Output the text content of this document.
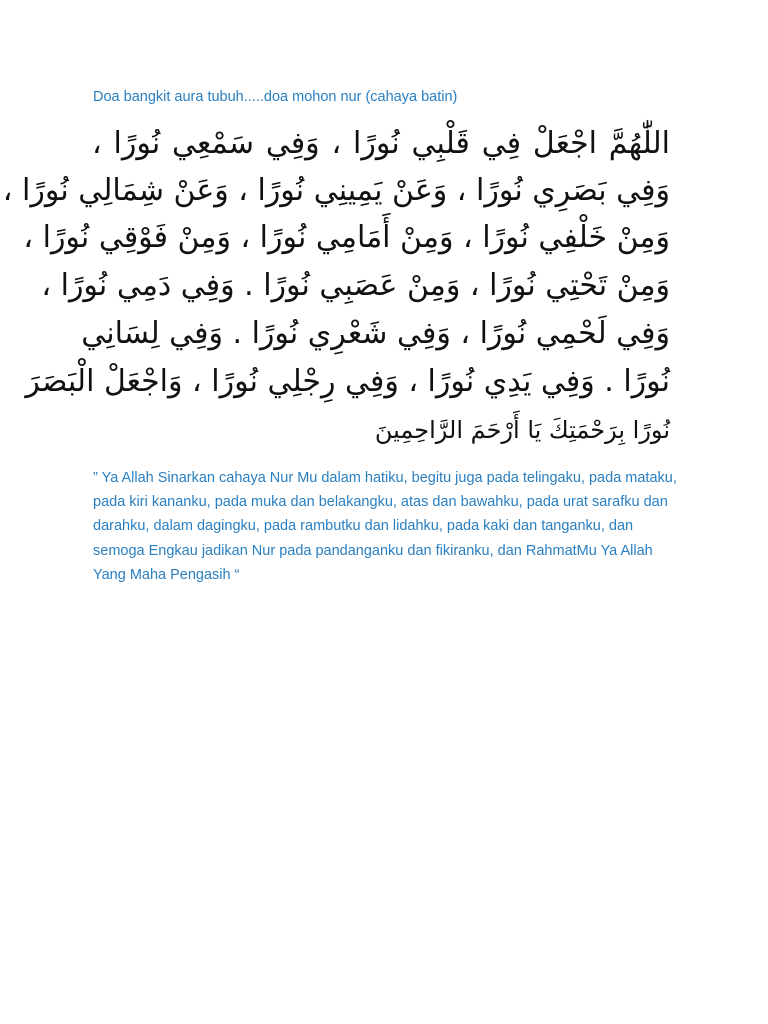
Doa bangkit aura tubuh.....doa mohon nur (cahaya batin)
اللّٰهُمَّ اجْعَلْ فِي قَلْبِي نُورًا ، وَفِي سَمْعِي نُورًا ،
وَفِي بَصَرِي نُورًا ، وَعَنْ يَمِينِي نُورًا ، وَعَنْ شِمَالِي نُورًا ،
وَمِنْ خَلْفِي نُورًا ، وَمِنْ أَمَامِي نُورًا ، وَمِنْ فَوْقِي نُورًا ،
وَمِنْ تَحْتِي نُورًا ، وَمِنْ عَصَبِي نُورًا . وَفِي دَمِي نُورًا ،
وَفِي لَحْمِي نُورًا ، وَفِي شَعْرِي نُورًا . وَفِي لِسَانِي
نُورًا . وَفِي يَدِي نُورًا ، وَفِي رِجْلِي نُورًا ، وَاجْعَلْ الْبَصَرَ
نُورًا بِرَحْمَتِكَ يَا أَرْحَمَ الرَّاحِمِينَ
” Ya Allah Sinarkan cahaya Nur Mu dalam hatiku, begitu juga pada telingaku, pada mataku, pada kiri kananku, pada muka dan belakangku, atas dan bawahku, pada urat sarafku dan darahku, dalam dagingku, pada rambutku dan lidahku, pada kaki dan tanganku, dan semoga Engkau jadikan Nur pada pandanganku dan fikiranku, dan RahmatMu Ya Allah Yang Maha Pengasih “
